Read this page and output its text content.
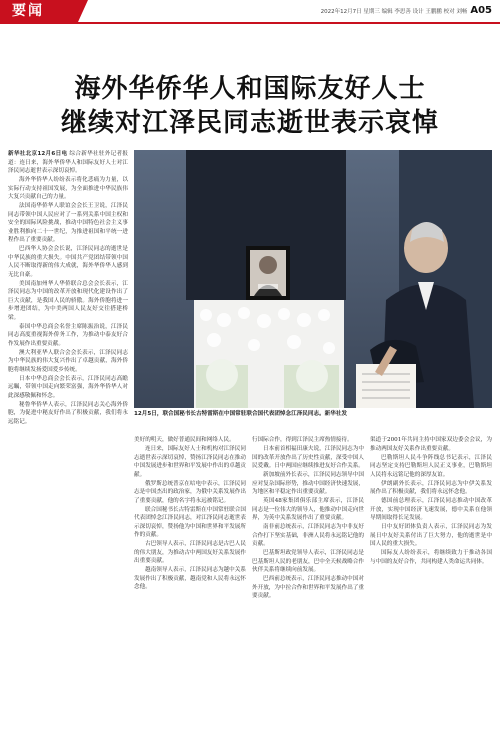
要闻	2022年12月7日 星期三 编辑 李思善 设计 王鹏鹏 校对 刘畅 A05
海外华侨华人和国际友好人士
继续对江泽民同志逝世表示哀悼

新华社北京12月6日电 综合新华社驻外记者报道：连日来，海外华侨华人和国际友好人士对江泽民同志逝世表示深切哀悼。

海外华侨华人纷纷表示将化悲痛为力量，以实际行动支持祖国发展，为全面推进中华民族伟大复兴贡献自己的力量。

法国南华侨华人联谊会会长王卫说，江泽民同志带领中国人民应对了一系列关系中国主权和安全的国际风险挑战，推动中国特色社会主义事业胜利推向二十一世纪，为推进祖国和平统一进程作出了重要贡献。

巴西华人协会会长说，江泽民同志的逝世是中华民族的重大损失。中国共产党团结带领中国人民不断取得新的伟大成就，海外华侨华人感到无比自豪。

美国南加州华人华侨联合总会会长表示，江泽民同志为中国的改革开放和现代化建设作出了巨大贡献，是我国人民的骄傲。海外侨胞将进一步增进团结，为中美两国人民友好交往搭建桥梁。

泰国中华总商会名誉主席陈振治说，江泽民同志高度重视海外侨务工作，为推动中泰友好合作发展作出重要贡献。

澳大利亚华人联合会会长表示，江泽民同志为中华民族的伟大复兴作出了卓越贡献，海外侨胞将继续发扬爱国爱乡传统。

日本中华总商会会长表示，江泽民同志高瞻远瞩，带领中国走向繁荣富强，海外华侨华人对此深感敬佩和怀念。

秘鲁华侨华人表示，江泽民同志关心海外侨胞，为促进中秘友好作出了积极贡献，我们将永远铭记。

12月5日，联合国秘书长古特雷斯在中国常驻联合国代表团悼念江泽民同志。新华社发

美好的明天，做好普通民间和网络人民。

连日来，国际友好人士和机构对江泽民同志逝世表示深切哀悼，赞扬江泽民同志在推动中国发展进步和世界和平发展中作出的卓越贡献。

俄罗斯总统普京在唁电中表示，江泽民同志是中国杰出的政治家，为俄中关系发展作出了重要贡献，他的名字将永远被铭记。

联合国秘书长古特雷斯在中国常驻联合国代表团悼念江泽民同志，对江泽民同志逝世表示深切哀悼，赞扬他为中国和世界和平发展所作的贡献。

古巴领导人表示，江泽民同志是古巴人民的伟大朋友，为推动古中两国友好关系发展作出重要贡献。

越南领导人表示，江泽民同志为越中关系发展作出了积极贡献，越南党和人民将永远怀念他。

行国际合作，得到江泽民主席热情接待。

日本前首相福田康夫说，江泽民同志为中国的改革开放作出了历史性贡献，深受中国人民爱戴。日中两国应继续推进友好合作关系。

新加坡前外长表示，江泽民同志领导中国应对复杂国际形势，推动中国经济快速发展，为地区和平稳定作出重要贡献。

英国48家集团俱乐部主席表示，江泽民同志是一位伟大的领导人，他推动中国走向世界，为英中关系发展作出了重要贡献。

南非前总统表示，江泽民同志为中非友好合作打下坚实基础，非洲人民将永远铭记他的贡献。

巴基斯坦政党领导人表示，江泽民同志是巴基斯坦人民的老朋友，巴中全天候战略合作伙伴关系将继续向前发展。

巴西前总统表示，江泽民同志推动中国对外开放，为中拉合作和世界和平发展作出了重要贡献。

渠道于2001年共同主持中国家双边委会会议，为推动两国友好关系作出重要贡献。

巴勒斯坦人民斗争阵线总书记表示，江泽民同志坚定支持巴勒斯坦人民正义事业，巴勒斯坦人民将永远铭记他的深厚友谊。

伊朗副外长表示，江泽民同志为中伊关系发展作出了积极贡献，我们将永远怀念他。

德国前总理表示，江泽民同志推动中国改革开放，实现中国经济飞速发展，德中关系在他领导期间取得长足发展。

日中友好团体负责人表示，江泽民同志为发展日中友好关系付出了巨大努力，他的逝世是中国人民的重大损失。

国际友人纷纷表示，将继续致力于推动各国与中国的友好合作，共同构建人类命运共同体。
